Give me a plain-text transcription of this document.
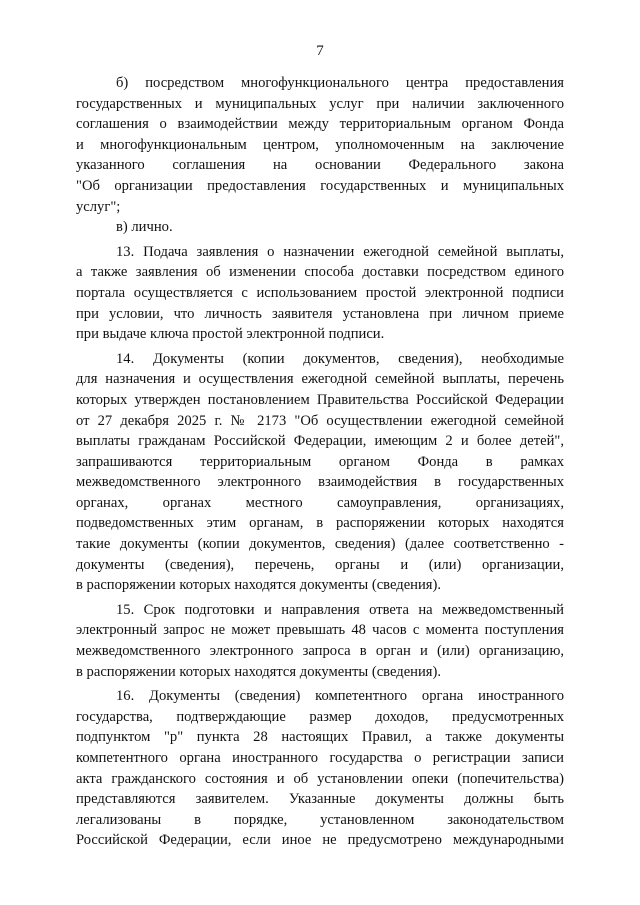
7
б) посредством многофункционального центра предоставления
государственных и муниципальных услуг при наличии заключенного
соглашения о взаимодействии между территориальным органом Фонда
и многофункциональным центром, уполномоченным на заключение
указанного соглашения на основании Федерального закона
"Об организации предоставления государственных и муниципальных
услуг";
в) лично.
13. Подача заявления о назначении ежегодной семейной выплаты,
а также заявления об изменении способа доставки посредством единого
портала осуществляется с использованием простой электронной подписи
при условии, что личность заявителя установлена при личном приеме
при выдаче ключа простой электронной подписи.
14. Документы (копии документов, сведения), необходимые
для назначения и осуществления ежегодной семейной выплаты, перечень
которых утвержден постановлением Правительства Российской Федерации
от 27 декабря 2025 г. № 2173 "Об осуществлении ежегодной семейной
выплаты гражданам Российской Федерации, имеющим 2 и более детей",
запрашиваются территориальным органом Фонда в рамках
межведомственного электронного взаимодействия в государственных
органах, органах местного самоуправления, организациях,
подведомственных этим органам, в распоряжении которых находятся
такие документы (копии документов, сведения) (далее соответственно -
документы (сведения), перечень, органы и (или) организации,
в распоряжении которых находятся документы (сведения).
15. Срок подготовки и направления ответа на межведомственный
электронный запрос не может превышать 48 часов с момента поступления
межведомственного электронного запроса в орган и (или) организацию,
в распоряжении которых находятся документы (сведения).
16. Документы (сведения) компетентного органа иностранного
государства, подтверждающие размер доходов, предусмотренных
подпунктом "р" пункта 28 настоящих Правил, а также документы
компетентного органа иностранного государства о регистрации записи
акта гражданского состояния и об установлении опеки (попечительства)
представляются заявителем. Указанные документы должны быть
легализованы в порядке, установленном законодательством
Российской Федерации, если иное не предусмотрено международными
